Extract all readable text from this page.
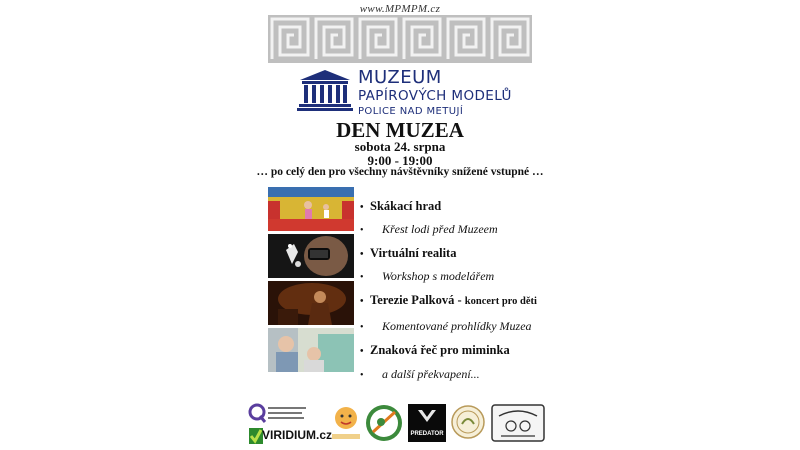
www.MPMPM.cz
MUZEUM
PAPÍROVÝCH MODELŮ
POLICE NAD METUJÍ
DEN MUZEA
sobota 24. srpna
9:00 - 19:00
… po celý den pro všechny návštěvníky snížené vstupné …
• Skákací hrad
• Křest lodi před Muzeem
• Virtuální realita
• Workshop s modelářem
• Terezie Palková - koncert pro děti
• Komentované prohlídky Muzea
• Znaková řeč pro miminka
• a další překvapení...
VIRIDIUM.cz	PREDATOR
